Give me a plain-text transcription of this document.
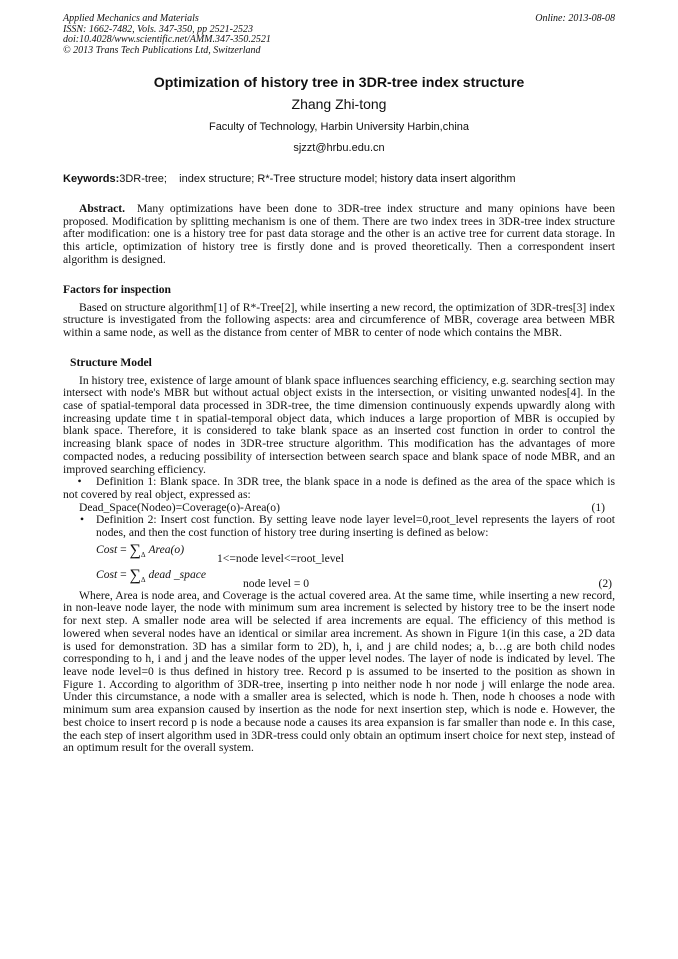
Applied Mechanics and Materials
ISSN: 1662-7482, Vols. 347-350, pp 2521-2523
doi:10.4028/www.scientific.net/AMM.347-350.2521
© 2013 Trans Tech Publications Ltd, Switzerland
Online: 2013-08-08
Optimization of history tree in 3DR-tree index structure
Zhang Zhi-tong
Faculty of Technology, Harbin University Harbin,china
sjzzt@hrbu.edu.cn
Keywords:3DR-tree;    index structure; R*-Tree structure model; history data insert algorithm

Abstract. Many optimizations have been done to 3DR-tree index structure and many opinions have been proposed. Modification by splitting mechanism is one of them. There are two index trees in 3DR-tree index structure after modification: one is a history tree for past data storage and the other is an active tree for current data storage. In this article, optimization of history tree is firstly done and is proved theoretically. Then a correspondent insert algorithm is designed.

Factors for inspection

Based on structure algorithm[1] of R*-Tree[2], while inserting a new record, the optimization of 3DR-tres[3] index structure is investigated from the following aspects: area and circumference of MBR, coverage area between MBR within a same node, as well as the distance from center of MBR to center of node which contains the MBR.

Structure Model

In history tree, existence of large amount of blank space influences searching efficiency, e.g. searching section may intersect with node's MBR but without actual object exists in the intersection, or visiting unwanted nodes[4]. In the case of spatial-temporal data processed in 3DR-tree, the time dimension continuously expends upwardly along with increasing update time t in spatial-temporal object data, which induces a large proportion of MBR is occupied by blank space. Therefore, it is considered to take blank space as an inserted cost function in order to control the increasing blank space of nodes in 3DR-tree structure algorithm. This modification has the advantages of more compacted nodes, a reducing possibility of intersection between search space and blank space of node MBR, and an improved searching efficiency.

• Definition 1: Blank space. In 3DR tree, the blank space in a node is defined as the area of the space which is not covered by real object, expressed as:

Dead_Space(Nodeo)=Coverage(o)-Area(o)	(1)

• Definition 2: Insert cost function. By setting leave node layer level=0,root_level represents the layers of root nodes, and then the cost function of history tree during inserting is defined as below:

Cost = $\sum_\Delta$ Area(o)
1<=node level<=root_level
Cost = $\sum_\Delta$ dead _space
node level = 0	(2)

Where, Area is node area, and Coverage is the actual covered area. At the same time, while inserting a new record, in non-leave node layer, the node with minimum sum area increment is selected by history tree to be the insert node for next step. A smaller node area will be selected if area increments are equal. The efficiency of this method is lowered when several nodes have an identical or similar area increment. As shown in Figure 1(in this case, a 2D data is used for demonstration. 3D has a similar form to 2D), h, i, and j are child nodes; a, b…g are both child nodes corresponding to h, i and j and the leave nodes of the upper level nodes. The layer of node is indicated by level. The leave node level=0 is thus defined in history tree. Record p is assumed to be inserted to the position as shown in Figure 1. According to algorithm of 3DR-tree, inserting p into neither node h nor node j will enlarge the node area. Under this circumstance, a node with a smaller area is selected, which is node h. Then, node h chooses a node with minimum sum area expansion caused by insertion as the node for next insertion step, which is node e. However, the best choice to insert record p is node a because node a causes its area expansion is far smaller than node e. In this case, the each step of insert algorithm used in 3DR-tress could only obtain an optimum insert choice for next step, instead of an optimum result for the overall system.
